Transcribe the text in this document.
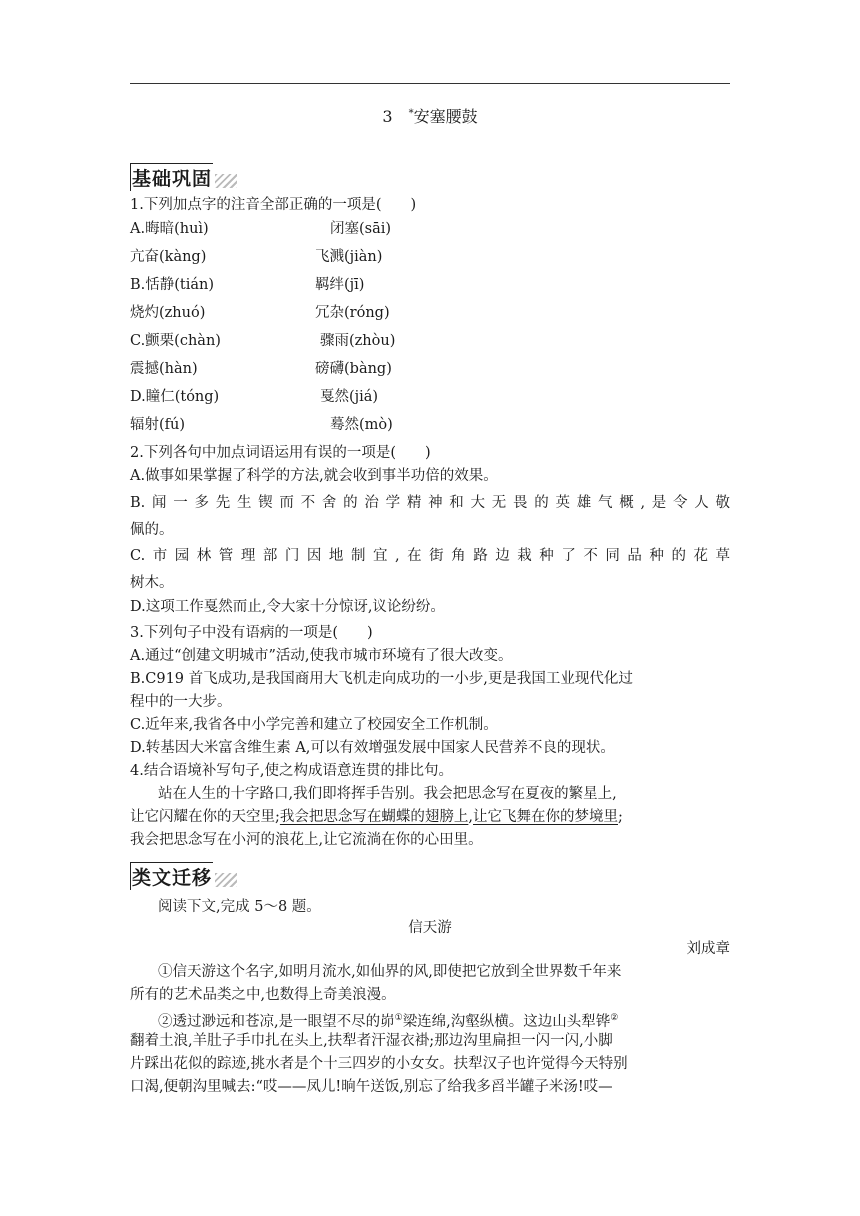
3 *安塞腰鼓
基础巩固
1.下列加点字的注音全部正确的一项是(　　)
A.晦暗(huì)	闭塞(sāi)
亢奋(kàng)	飞溅(jiàn)
B.恬静(tián)	羁绊(jī)
烧灼(zhuó)	冗杂(róng)
C.颤栗(chàn)	骤雨(zhòu)
震撼(hàn)	磅礴(bàng)
D.瞳仁(tóng)	戛然(jiá)
辐射(fú)	蓦然(mò)
2.下列各句中加点词语运用有误的一项是(　　)
A.做事如果掌握了科学的方法,就会收到事半功倍的效果。
B.闻一多先生锲而不舍的治学精神和大无畏的英雄气概,是令人敬
佩的。
C.市园林管理部门因地制宜,在街角路边栽种了不同品种的花草
树木。
D.这项工作戛然而止,令大家十分惊讶,议论纷纷。
3.下列句子中没有语病的一项是(　　)
A.通过“创建文明城市”活动,使我市城市环境有了很大改变。
B.C919 首飞成功,是我国商用大飞机走向成功的一小步,更是我国工业现代化过
程中的一大步。
C.近年来,我省各中小学完善和建立了校园安全工作机制。
D.转基因大米富含维生素 A,可以有效增强发展中国家人民营养不良的现状。
4.结合语境补写句子,使之构成语意连贯的排比句。
站在人生的十字路口,我们即将挥手告别。我会把思念写在夏夜的繁星上,
让它闪耀在你的天空里;我会把思念写在蝴蝶的翅膀上,让它飞舞在你的梦境里;
我会把思念写在小河的浪花上,让它流淌在你的心田里。
类文迁移
阅读下文,完成 5～8 题。
信天游
刘成章
①信天游这个名字,如明月流水,如仙界的风,即使把它放到全世界数千年来
所有的艺术品类之中,也数得上奇美浪漫。
②透过渺远和苍凉,是一眼望不尽的峁①梁连绵,沟壑纵横。这边山头犁铧②
翻着土浪,羊肚子手巾扎在头上,扶犁者汗湿衣褂;那边沟里扁担一闪一闪,小脚
片踩出花似的踪迹,挑水者是个十三四岁的小女女。扶犁汉子也许觉得今天特别
口渴,便朝沟里喊去:“哎——凤儿!晌午送饭,别忘了给我多舀半罐子米汤!哎—
